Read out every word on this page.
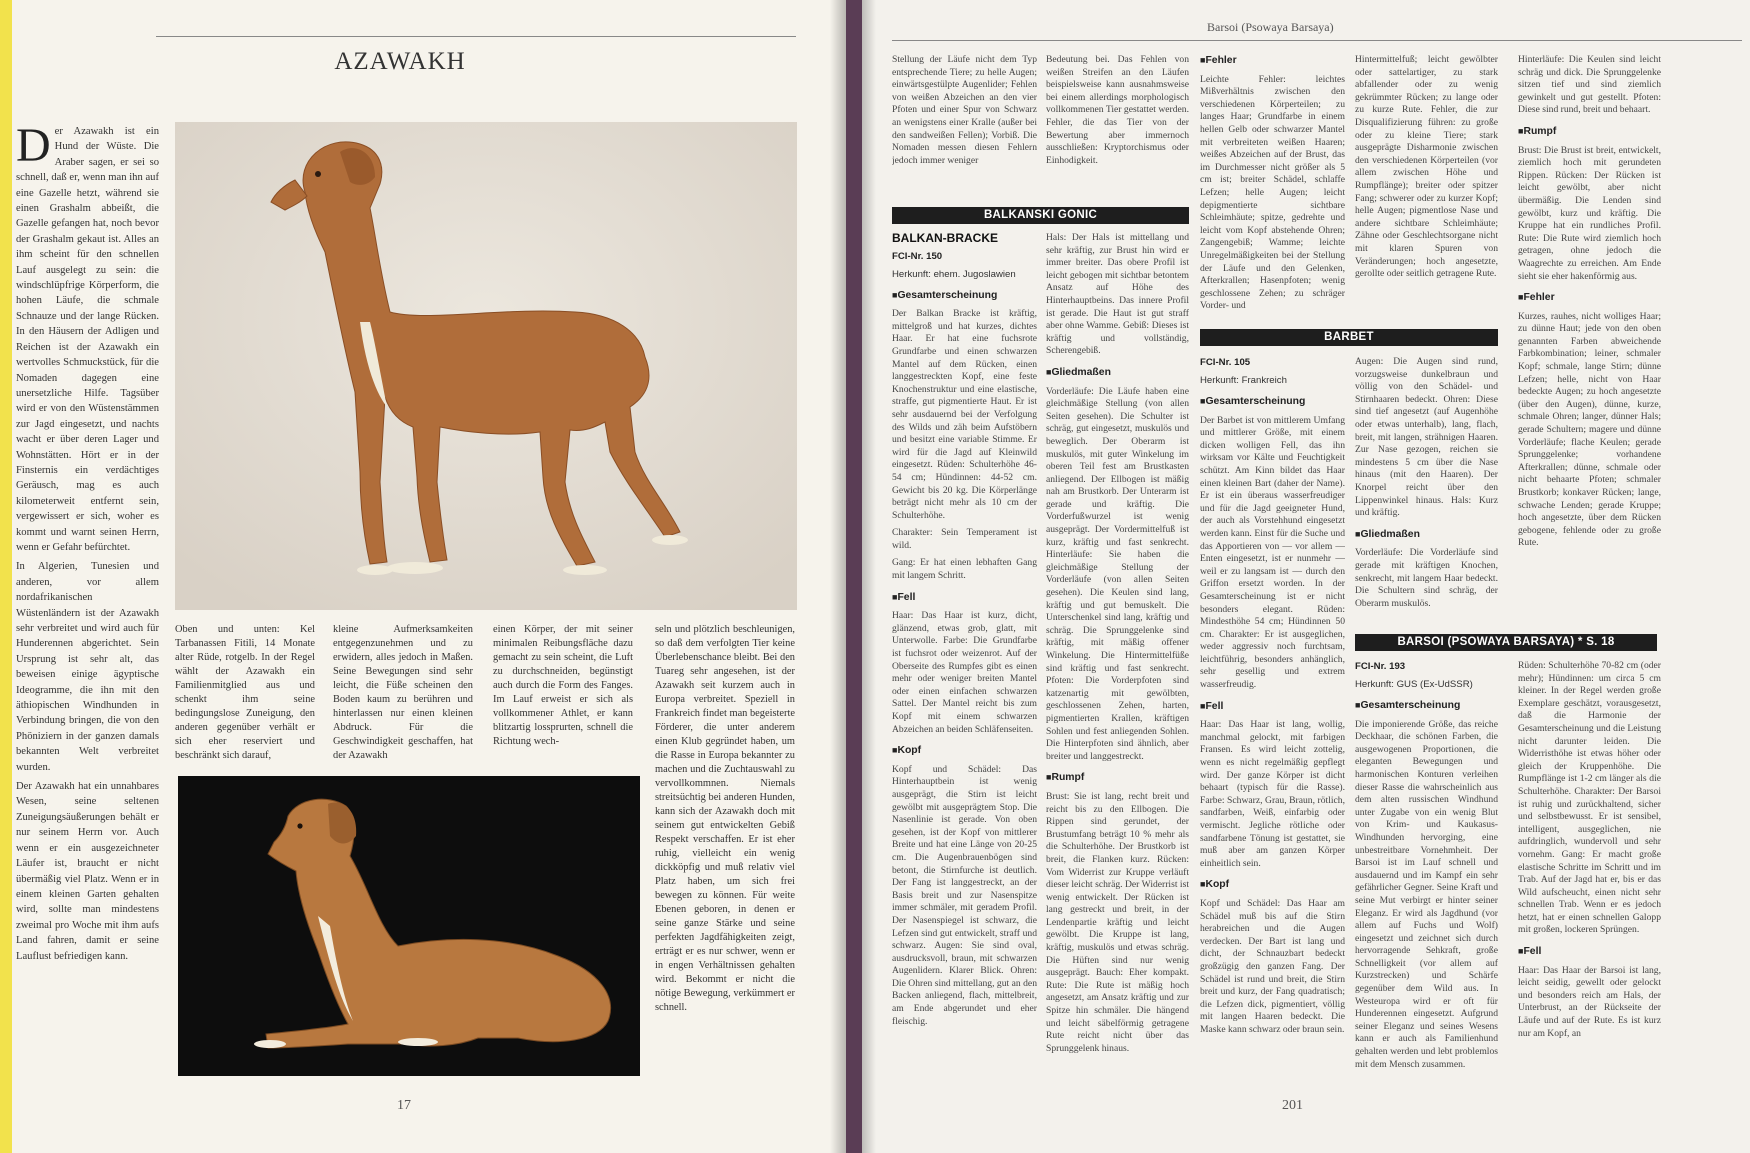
AZAWAKH

Der Azawakh ist ein Hund der Wüste. Die Araber sagen, er sei so schnell, daß er, wenn man ihn auf eine Gazelle hetzt, während sie einen Grashalm abbeißt, die Gazelle gefangen hat, noch bevor der Grashalm gekaut ist. Alles an ihm scheint für den schnellen Lauf ausgelegt zu sein: die windschlüpfrige Körperform, die hohen Läufe, die schmale Schnauze und der lange Rücken. In den Häusern der Adligen und Reichen ist der Azawakh ein wertvolles Schmuckstück, für die Nomaden dagegen eine unersetzliche Hilfe. Tagsüber wird er von den Wüstenstämmen zur Jagd eingesetzt, und nachts wacht er über deren Lager und Wohnstätten. Hört er in der Finsternis ein verdächtiges Geräusch, mag es auch kilometerweit entfernt sein, vergewissert er sich, woher es kommt und warnt seinen Herrn, wenn er Gefahr befürchtet.

In Algerien, Tunesien und anderen, vor allem nordafrikanischen Wüstenländern ist der Azawakh sehr verbreitet und wird auch für Hunderennen abgerichtet. Sein Ursprung ist sehr alt, das beweisen einige ägyptische Ideogramme, die ihn mit den äthiopischen Windhunden in Verbindung bringen, die von den Phöniziern in der ganzen damals bekannten Welt verbreitet wurden.

Der Azawakh hat ein unnahbares Wesen, seine seltenen Zuneigungsäußerungen behält er nur seinem Herrn vor. Auch wenn er ein ausgezeichneter Läufer ist, braucht er nicht übermäßig viel Platz. Wenn er in einem kleinen Garten gehalten wird, sollte man mindestens zweimal pro Woche mit ihm aufs Land fahren, damit er seine Lauflust befriedigen kann.

Oben und unten: Kel Tarbanassen Fitili, 14 Monate alter Rüde, rotgelb. In der Regel wählt der Azawakh ein Familienmitglied aus und schenkt ihm seine bedingungslose Zuneigung, den anderen gegenüber verhält er sich eher reserviert und beschränkt sich darauf,
kleine Aufmerksamkeiten entgegenzunehmen und zu erwidern, alles jedoch in Maßen. Seine Bewegungen sind sehr leicht, die Füße scheinen den Boden kaum zu berühren und hinterlassen nur einen kleinen Abdruck. Für die Geschwindigkeit geschaffen, hat der Azawakh
einen Körper, der mit seiner minimalen Reibungsfläche dazu gemacht zu sein scheint, die Luft zu durchschneiden, begünstigt auch durch die Form des Fanges. Im Lauf erweist er sich als vollkommener Athlet, er kann blitzartig lossprurten, schnell die Richtung wech-
seln und plötzlich beschleunigen, so daß dem verfolgten Tier keine Überlebenschance bleibt. Bei den Tuareg sehr angesehen, ist der Azawakh seit kurzem auch in Europa verbreitet. Speziell in Frankreich findet man begeisterte Förderer, die unter anderem einen Klub gegründet haben, um die Rasse in Europa bekannter zu machen und die Zuchtauswahl zu vervollkommnen. Niemals streitsüchtig bei anderen Hunden, kann sich der Azawakh doch mit seinem gut entwickelten Gebiß Respekt verschaffen. Er ist eher ruhig, vielleicht ein wenig dickköpfig und muß relativ viel Platz haben, um sich frei bewegen zu können. Für weite Ebenen geboren, in denen er seine ganze Stärke und seine perfekten Jagdfähigkeiten zeigt, erträgt er es nur schwer, wenn er in engen Verhältnissen gehalten wird. Bekommt er nicht die nötige Bewegung, verkümmert er schnell.
17
Barsoi (Psowaya Barsaya)
Stellung der Läufe nicht dem Typ entsprechende Tiere; zu helle Augen; einwärtsgestülpte Augenlider; Fehlen von weißen Abzeichen an den vier Pfoten und einer Spur von Schwarz an wenigstens einer Kralle (außer bei den sandweißen Fellen); Vorbiß. Die Nomaden messen diesen Fehlern jedoch immer weniger
Bedeutung bei. Das Fehlen von weißen Streifen an den Läufen beispielsweise kann ausnahmsweise bei einem allerdings morphologisch vollkommenen Tier gestattet werden. Fehler, die das Tier von der Bewertung aber immernoch ausschließen: Kryptorchismus oder Einhodigkeit.
BALKANSKI GONIC

BALKAN-BRACKE

FCI-Nr. 150

Herkunft: ehem. Jugoslawien

■ Gesamterscheinung

Der Balkan Bracke ist kräftig, mittelgroß und hat kurzes, dichtes Haar. Er hat eine fuchsrote Grundfarbe und einen schwarzen Mantel auf dem Rücken, einen langgestreckten Kopf, eine feste Knochenstruktur und eine elastische, straffe, gut pigmentierte Haut. Er ist sehr ausdauernd bei der Verfolgung des Wilds und zäh beim Aufstöbern und besitzt eine variable Stimme. Er wird für die Jagd auf Kleinwild eingesetzt. Rüden: Schulterhöhe 46-54 cm; Hündinnen: 44-52 cm. Gewicht bis 20 kg. Die Körperlänge beträgt nicht mehr als 10 cm der Schulterhöhe.

Charakter: Sein Temperament ist wild.

Gang: Er hat einen lebhaften Gang mit langem Schritt.

■ Fell

Haar: Das Haar ist kurz, dicht, glänzend, etwas grob, glatt, mit Unterwolle. Farbe: Die Grundfarbe ist fuchsrot oder weizenrot. Auf der Oberseite des Rumpfes gibt es einen mehr oder weniger breiten Mantel oder einen einfachen schwarzen Sattel. Der Mantel reicht bis zum Kopf mit einem schwarzen Abzeichen an beiden Schläfenseiten.

■ Kopf

Kopf und Schädel: Das Hinterhauptbein ist wenig ausgeprägt, die Stirn ist leicht gewölbt mit ausgeprägtem Stop. Die Nasenlinie ist gerade. Von oben gesehen, ist der Kopf von mittlerer Breite und hat eine Länge von 20-25 cm. Die Augenbrauenbögen sind betont, die Stirnfurche ist deutlich. Der Fang ist langgestreckt, an der Basis breit und zur Nasenspitze immer schmäler, mit geradem Profil. Der Nasenspiegel ist schwarz, die Lefzen sind gut entwickelt, straff und schwarz. Augen: Sie sind oval, ausdrucksvoll, braun, mit schwarzen Augenlidern. Klarer Blick. Ohren: Die Ohren sind mittellang, gut an den Backen anliegend, flach, mittelbreit, am Ende abgerundet und eher fleischig.

Hals: Der Hals ist mittellang und sehr kräftig, zur Brust hin wird er immer breiter. Das obere Profil ist leicht gebogen mit sichtbar betontem Ansatz auf Höhe des Hinterhauptbeins. Das innere Profil ist gerade. Die Haut ist gut straff aber ohne Wamme. Gebiß: Dieses ist kräftig und vollständig, Scherengebiß.

■ Gliedmaßen

Vorderläufe: Die Läufe haben eine gleichmäßige Stellung (von allen Seiten gesehen). Die Schulter ist schräg, gut eingesetzt, muskulös und beweglich. Der Oberarm ist muskulös, mit guter Winkelung im oberen Teil fest am Brustkasten anliegend. Der Ellbogen ist mäßig nah am Brustkorb. Der Unterarm ist gerade und kräftig. Die Vorderfußwurzel ist wenig ausgeprägt. Der Vordermittelfuß ist kurz, kräftig und fast senkrecht. Hinterläufe: Sie haben die gleichmäßige Stellung der Vorderläufe (von allen Seiten gesehen). Die Keulen sind lang, kräftig und gut bemuskelt. Die Unterschenkel sind lang, kräftig und schräg. Die Sprunggelenke sind kräftig, mit mäßig offener Winkelung. Die Hintermittelfüße sind kräftig und fast senkrecht. Pfoten: Die Vorderpfoten sind katzenartig mit gewölbten, geschlossenen Zehen, harten, pigmentierten Krallen, kräftigen Sohlen und fest anliegenden Sohlen. Die Hinterpfoten sind ähnlich, aber breiter und langgestreckt.

■ Rumpf

Brust: Sie ist lang, recht breit und reicht bis zu den Ellbogen. Die Rippen sind gerundet, der Brustumfang beträgt 10 % mehr als die Schulterhöhe. Der Brustkorb ist breit, die Flanken kurz. Rücken: Vom Widerrist zur Kruppe verläuft dieser leicht schräg. Der Widerrist ist wenig entwickelt. Der Rücken ist lang gestreckt und breit, in der Lendenpartie kräftig und leicht gewölbt. Die Kruppe ist lang, kräftig, muskulös und etwas schräg. Die Hüften sind nur wenig ausgeprägt. Bauch: Eher kompakt. Rute: Die Rute ist mäßig hoch angesetzt, am Ansatz kräftig und zur Spitze hin schmäler. Die hängend und leicht säbelförmig getragene Rute reicht nicht über das Sprunggelenk hinaus.

■ Fehler

Leichte Fehler: leichtes Mißverhältnis zwischen den verschiedenen Körperteilen; zu langes Haar; Grundfarbe in einem hellen Gelb oder schwarzer Mantel mit verbreiteten weißen Haaren; weißes Abzeichen auf der Brust, das im Durchmesser nicht größer als 5 cm ist; breiter Schädel, schlaffe Lefzen; helle Augen; leicht depigmentierte sichtbare Schleimhäute; spitze, gedrehte und leicht vom Kopf abstehende Ohren; Zangengebiß; Wamme; leichte Unregelmäßigkeiten bei der Stellung der Läufe und den Gelenken, Afterkrallen; Hasenpfoten; wenig geschlossene Zehen; zu schräger Vorder- und

Hintermittelfuß; leicht gewölbter oder sattelartiger, zu stark abfallender oder zu wenig gekrümmter Rücken; zu lange oder zu kurze Rute. Fehler, die zur Disqualifizierung führen: zu große oder zu kleine Tiere; stark ausgeprägte Disharmonie zwischen den verschiedenen Körperteilen (vor allem zwischen Höhe und Rumpflänge); breiter oder spitzer Fang; schwerer oder zu kurzer Kopf; helle Augen; pigmentlose Nase und andere sichtbare Schleimhäute; Zähne oder Geschlechtsorgane nicht mit klaren Spuren von Veränderungen; hoch angesetzte, gerollte oder seitlich getragene Rute.
BARBET

FCI-Nr. 105

Herkunft: Frankreich

■ Gesamterscheinung

Der Barbet ist von mittlerem Umfang und mittlerer Größe, mit einem dicken wolligen Fell, das ihn wirksam vor Kälte und Feuchtigkeit schützt. Am Kinn bildet das Haar einen kleinen Bart (daher der Name). Er ist ein überaus wasserfreudiger und für die Jagd geeigneter Hund, der auch als Vorstehhund eingesetzt werden kann. Einst für die Suche und das Apportieren von — vor allem — Enten eingesetzt, ist er nunmehr — weil er zu langsam ist — durch den Griffon ersetzt worden. In der Gesamterscheinung ist er nicht besonders elegant. Rüden: Mindesthöhe 54 cm; Hündinnen 50 cm. Charakter: Er ist ausgeglichen, weder aggressiv noch furchtsam, leichtführig, besonders anhänglich, sehr gesellig und extrem wasserfreudig.

■ Fell

Haar: Das Haar ist lang, wollig, manchmal gelockt, mit farbigen Fransen. Es wird leicht zottelig, wenn es nicht regelmäßig gepflegt wird. Der ganze Körper ist dicht behaart (typisch für die Rasse). Farbe: Schwarz, Grau, Braun, rötlich, sandfarben, Weiß, einfarbig oder vermischt. Jegliche rötliche oder sandfarbene Tönung ist gestattet, sie muß aber am ganzen Körper einheitlich sein.

■ Kopf

Kopf und Schädel: Das Haar am Schädel muß bis auf die Stirn herabreichen und die Augen verdecken. Der Bart ist lang und dicht, der Schnauzbart bedeckt großzügig den ganzen Fang. Der Schädel ist rund und breit, die Stirn breit und kurz, der Fang quadratisch; die Lefzen dick, pigmentiert, völlig mit langen Haaren bedeckt. Die Maske kann schwarz oder braun sein.

Augen: Die Augen sind rund, vorzugsweise dunkelbraun und völlig von den Schädel- und Stirnhaaren bedeckt. Ohren: Diese sind tief angesetzt (auf Augenhöhe oder etwas unterhalb), lang, flach, breit, mit langen, strähnigen Haaren. Zur Nase gezogen, reichen sie mindestens 5 cm über die Nase hinaus (mit den Haaren). Der Knorpel reicht über den Lippenwinkel hinaus. Hals: Kurz und kräftig.

■ Gliedmaßen

Vorderläufe: Die Vorderläufe sind gerade mit kräftigen Knochen, senkrecht, mit langem Haar bedeckt. Die Schultern sind schräg, der Oberarm muskulös.

BARSOI (PSOWAYA BARSAYA) * S. 18

FCI-Nr. 193

Herkunft: GUS (Ex-UdSSR)

■ Gesamterscheinung

Die imponierende Größe, das reiche Deckhaar, die schönen Farben, die ausgewogenen Proportionen, die eleganten Bewegungen und harmonischen Konturen verleihen dieser Rasse die wahrscheinlich aus dem alten russischen Windhund unter Zugabe von ein wenig Blut von Krim- und Kaukasus-Windhunden hervorging, eine unbestreitbare Vornehmheit. Der Barsoi ist im Lauf schnell und ausdauernd und im Kampf ein sehr gefährlicher Gegner. Seine Kraft und seine Mut verbirgt er hinter seiner Eleganz. Er wird als Jagdhund (vor allem auf Fuchs und Wolf) eingesetzt und zeichnet sich durch hervorragende Sehkraft, große Schnelligkeit (vor allem auf Kurzstrecken) und Schärfe gegenüber dem Wild aus. In Westeuropa wird er oft für Hunderennen eingesetzt. Aufgrund seiner Eleganz und seines Wesens kann er auch als Familienhund gehalten werden und lebt problemlos mit dem Mensch zusammen.

Hinterläufe: Die Keulen sind leicht schräg und dick. Die Sprunggelenke sitzen tief und sind ziemlich gewinkelt und gut gestellt. Pfoten: Diese sind rund, breit und behaart.

■ Rumpf

Brust: Die Brust ist breit, entwickelt, ziemlich hoch mit gerundeten Rippen. Rücken: Der Rücken ist leicht gewölbt, aber nicht übermäßig. Die Lenden sind gewölbt, kurz und kräftig. Die Kruppe hat ein rundliches Profil. Rute: Die Rute wird ziemlich hoch getragen, ohne jedoch die Waagrechte zu erreichen. Am Ende sieht sie eher hakenförmig aus.

■ Fehler

Kurzes, rauhes, nicht wolliges Haar; zu dünne Haut; jede von den oben genannten Farben abweichende Farbkombination; leiner, schmaler Kopf; schmale, lange Stirn; dünne Lefzen; helle, nicht von Haar bedeckte Augen; zu hoch angesetzte (über den Augen), dünne, kurze, schmale Ohren; langer, dünner Hals; gerade Schultern; magere und dünne Vorderläufe; flache Keulen; gerade Sprunggelenke; vorhandene Afterkrallen; dünne, schmale oder nicht behaarte Pfoten; schmaler Brustkorb; konkaver Rücken; lange, schwache Lenden; gerade Kruppe; hoch angesetzte, über dem Rücken gebogene, fehlende oder zu große Rute.

Rüden: Schulterhöhe 70-82 cm (oder mehr); Hündinnen: um circa 5 cm kleiner. In der Regel werden große Exemplare geschätzt, vorausgesetzt, daß die Harmonie der Gesamterscheinung und die Leistung nicht darunter leiden. Die Widerristhöhe ist etwas höher oder gleich der Kruppenhöhe. Die Rumpflänge ist 1-2 cm länger als die Schulterhöhe. Charakter: Der Barsoi ist ruhig und zurückhaltend, sicher und selbstbewusst. Er ist sensibel, intelligent, ausgeglichen, nie aufdringlich, wundervoll und sehr vornehm. Gang: Er macht große elastische Schritte im Schritt und im Trab. Auf der Jagd hat er, bis er das Wild aufscheucht, einen nicht sehr schnellen Trab. Wenn er es jedoch hetzt, hat er einen schnellen Galopp mit großen, lockeren Sprüngen.

■ Fell

Haar: Das Haar der Barsoi ist lang, leicht seidig, gewellt oder gelockt und besonders reich am Hals, der Unterbrust, an der Rückseite der Läufe und auf der Rute. Es ist kurz nur am Kopf, an

201
